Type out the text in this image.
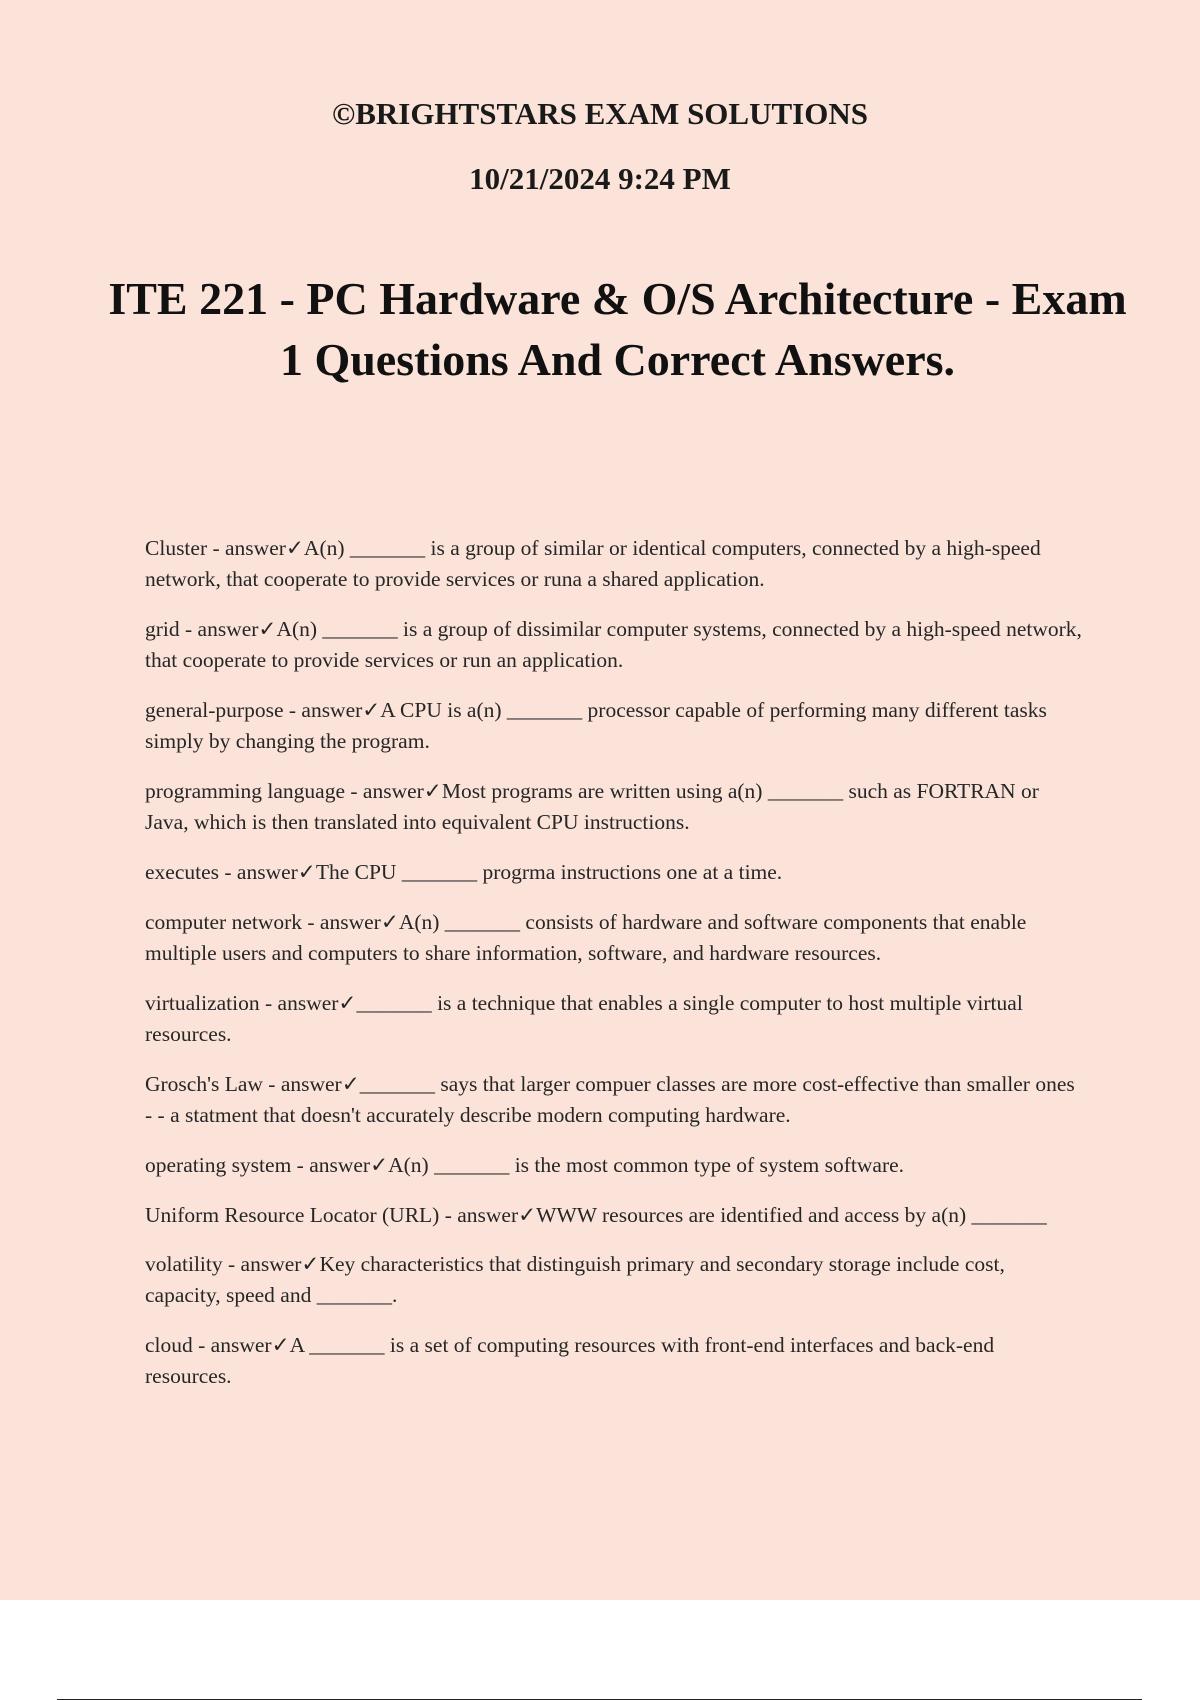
©BRIGHTSTARS EXAM SOLUTIONS
10/21/2024 9:24 PM
ITE 221 - PC Hardware & O/S Architecture - Exam 1 Questions And Correct Answers.
Cluster - answer✓A(n) _______ is a group of similar or identical computers, connected by a high-speed network, that cooperate to provide services or runa a shared application.
grid - answer✓A(n) _______ is a group of dissimilar computer systems, connected by a high-speed network, that cooperate to provide services or run an application.
general-purpose - answer✓A CPU is a(n) _______ processor capable of performing many different tasks simply by changing the program.
programming language - answer✓Most programs are written using a(n) _______ such as FORTRAN or Java, which is then translated into equivalent CPU instructions.
executes - answer✓The CPU _______ progrma instructions one at a time.
computer network - answer✓A(n) _______ consists of hardware and software components that enable multiple users and computers to share information, software, and hardware resources.
virtualization - answer✓_______ is a technique that enables a single computer to host multiple virtual resources.
Grosch's Law - answer✓_______ says that larger compuer classes are more cost-effective than smaller ones - - a statment that doesn't accurately describe modern computing hardware.
operating system - answer✓A(n) _______ is the most common type of system software.
Uniform Resource Locator (URL) - answer✓WWW resources are identified and access by a(n) _______
volatility - answer✓Key characteristics that distinguish primary and secondary storage include cost, capacity, speed and _______.
cloud - answer✓A _______ is a set of computing resources with front-end interfaces and back-end resources.
